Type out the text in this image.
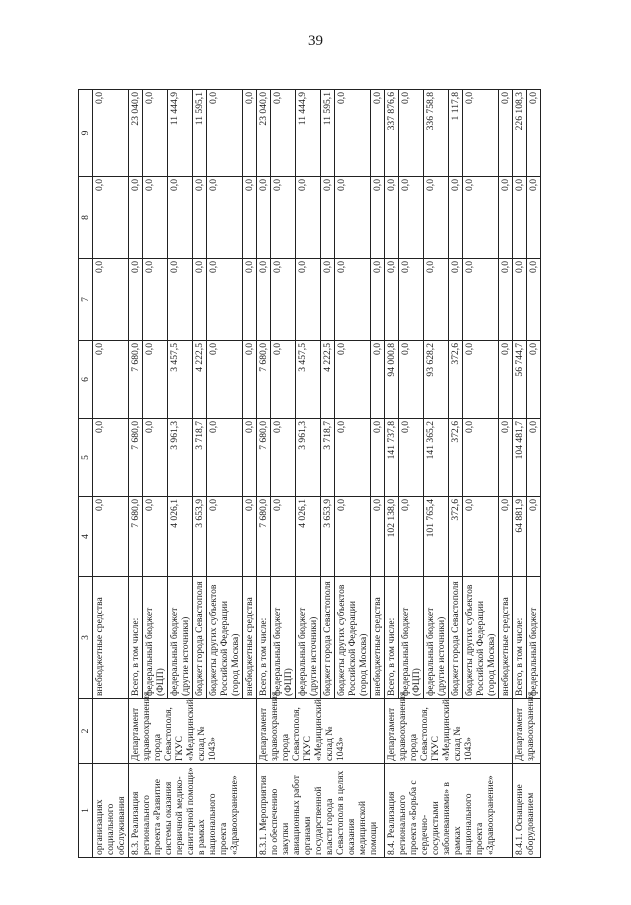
39
1	2	3	4	5	6	7	8	9
организациях социального обслуживания		внебюджетные средства	0,0	0,0	0,0	0,0	0,0	0,0
8.3. Реализация регионального проекта «Развитие системы оказания первичной медико-санитарной помощи» в рамках национального проекта «Здравоохранение»	Департамент здравоохранения города Севастополя, ГКУС «Медицинский склад № 1043»	Всего, в том числе:	7 680,0	7 680,0	7 680,0	0,0	0,0	23 040,0
		федеральный бюджет (ФЦП)	0,0	0,0	0,0	0,0	0,0	0,0
		федеральный бюджет (другие источники)	4 026,1	3 961,3	3 457,5	0,0	0,0	11 444,9
		бюджет города Севастополя	3 653,9	3 718,7	4 222,5	0,0	0,0	11 595,1
		бюджеты других субъектов Российской Федерации (город Москва)	0,0	0,0	0,0	0,0	0,0	0,0
		внебюджетные средства	0,0	0,0	0,0	0,0	0,0	0,0
8.3.1. Мероприятия по обеспечению закупки авиационных работ органами государственной власти города Севастополя в целях оказания медицинской помощи	Департамент здравоохранения города Севастополя, ГКУС «Медицинский склад № 1043»	Всего, в том числе:	7 680,0	7 680,0	7 680,0	0,0	0,0	23 040,0
		федеральный бюджет (ФЦП)	0,0	0,0	0,0	0,0	0,0	0,0
		федеральный бюджет (другие источники)	4 026,1	3 961,3	3 457,5	0,0	0,0	11 444,9
		бюджет города Севастополя	3 653,9	3 718,7	4 222,5	0,0	0,0	11 595,1
		бюджеты других субъектов Российской Федерации (город Москва)	0,0	0,0	0,0	0,0	0,0	0,0
		внебюджетные средства	0,0	0,0	0,0	0,0	0,0	0,0
8.4. Реализация регионального проекта «Борьба с сердечно-сосудистыми заболеваниями» в рамках национального проекта «Здравоохранение»	Департамент здравоохранения города Севастополя, ГКУС «Медицинский склад № 1043»	Всего, в том числе:	102 138,0	141 737,8	94 000,8	0,0	0,0	337 876,6
		федеральный бюджет (ФЦП)	0,0	0,0	0,0	0,0	0,0	0,0
		федеральный бюджет (другие источники)	101 765,4	141 365,2	93 628,2	0,0	0,0	336 758,8
		бюджет города Севастополя	372,6	372,6	372,6	0,0	0,0	1 117,8
		бюджеты других субъектов Российской Федерации (город Москва)	0,0	0,0	0,0	0,0	0,0	0,0
		внебюджетные средства	0,0	0,0	0,0	0,0	0,0	0,0
8.4.1. Оснащение оборудованием	Департамент здравоохранения	Всего, в том числе:	64 881,9	104 481,7	56 744,7	0,0	0,0	226 108,3
		федеральный бюджет	0,0	0,0	0,0	0,0	0,0	0,0
